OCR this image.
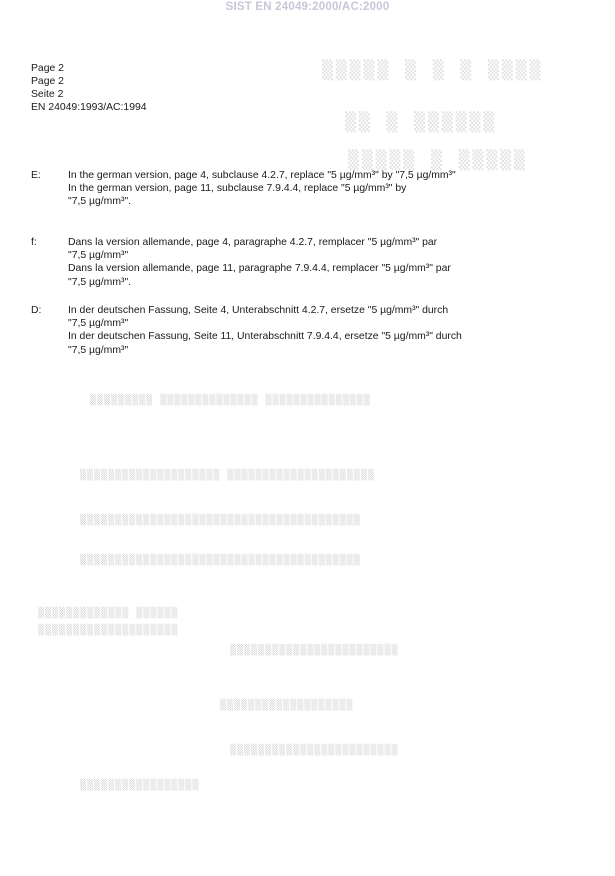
SIST EN 24049:2000/AC:2000
Page 2
Page 2
Seite 2
EN 24049:1993/AC:1994
▒▒▒▒▒ ▒ ▒ ▒ ▒▒▒▒
▒▒ ▒ ▒▒▒▒▒▒
▒▒▒▒▒ ▒ ▒▒▒▒▒
▒▒▒▒▒▒▒▒▒ ▒▒▒▒▒▒▒▒▒▒▒▒▒▒ ▒▒▒▒▒▒▒▒▒▒▒▒▒▒▒
▒▒▒▒▒▒▒▒▒▒▒▒▒▒▒▒▒▒▒▒ ▒▒▒▒▒▒▒▒▒▒▒▒▒▒▒▒▒▒▒▒▒
▒▒▒▒▒▒▒▒▒▒▒▒▒▒▒▒▒▒▒▒▒▒▒▒▒▒▒▒▒▒▒▒▒▒▒▒▒▒▒▒
▒▒▒▒▒▒▒▒▒▒▒▒▒▒▒▒▒▒▒▒▒▒▒▒▒▒▒▒▒▒▒▒▒▒▒▒▒▒▒▒
▒▒▒▒▒▒▒▒▒▒▒▒▒ ▒▒▒▒▒▒
▒▒▒▒▒▒▒▒▒▒▒▒▒▒▒▒▒▒▒▒
▒▒▒▒▒▒▒▒▒▒▒▒▒▒▒▒▒▒▒▒▒▒▒▒
▒▒▒▒▒▒▒▒▒▒▒▒▒▒▒▒▒▒▒
▒▒▒▒▒▒▒▒▒▒▒▒▒▒▒▒▒▒▒▒▒▒▒▒
▒▒▒▒▒▒▒▒▒▒▒▒▒▒▒▒▒
E:	In the german version, page 4, subclause 4.2.7, replace "5 µg/mm³" by "7,5 µg/mm³"
In the german version, page 11, subclause 7.9.4.4, replace "5 µg/mm³" by
"7,5 µg/mm³".
f:	Dans la version allemande, page 4, paragraphe 4.2.7, remplacer "5 µg/mm³" par
"7,5 µg/mm³"
Dans la version allemande, page 11, paragraphe 7.9.4.4, remplacer "5 µg/mm³" par
"7,5 µg/mm³".
D:	In der deutschen Fassung, Seite 4, Unterabschnitt 4.2.7, ersetze "5 µg/mm³" durch
"7,5 µg/mm³"
In der deutschen Fassung, Seite 11, Unterabschnitt 7.9.4.4, ersetze "5 µg/mm³" durch
"7,5 µg/mm³"
